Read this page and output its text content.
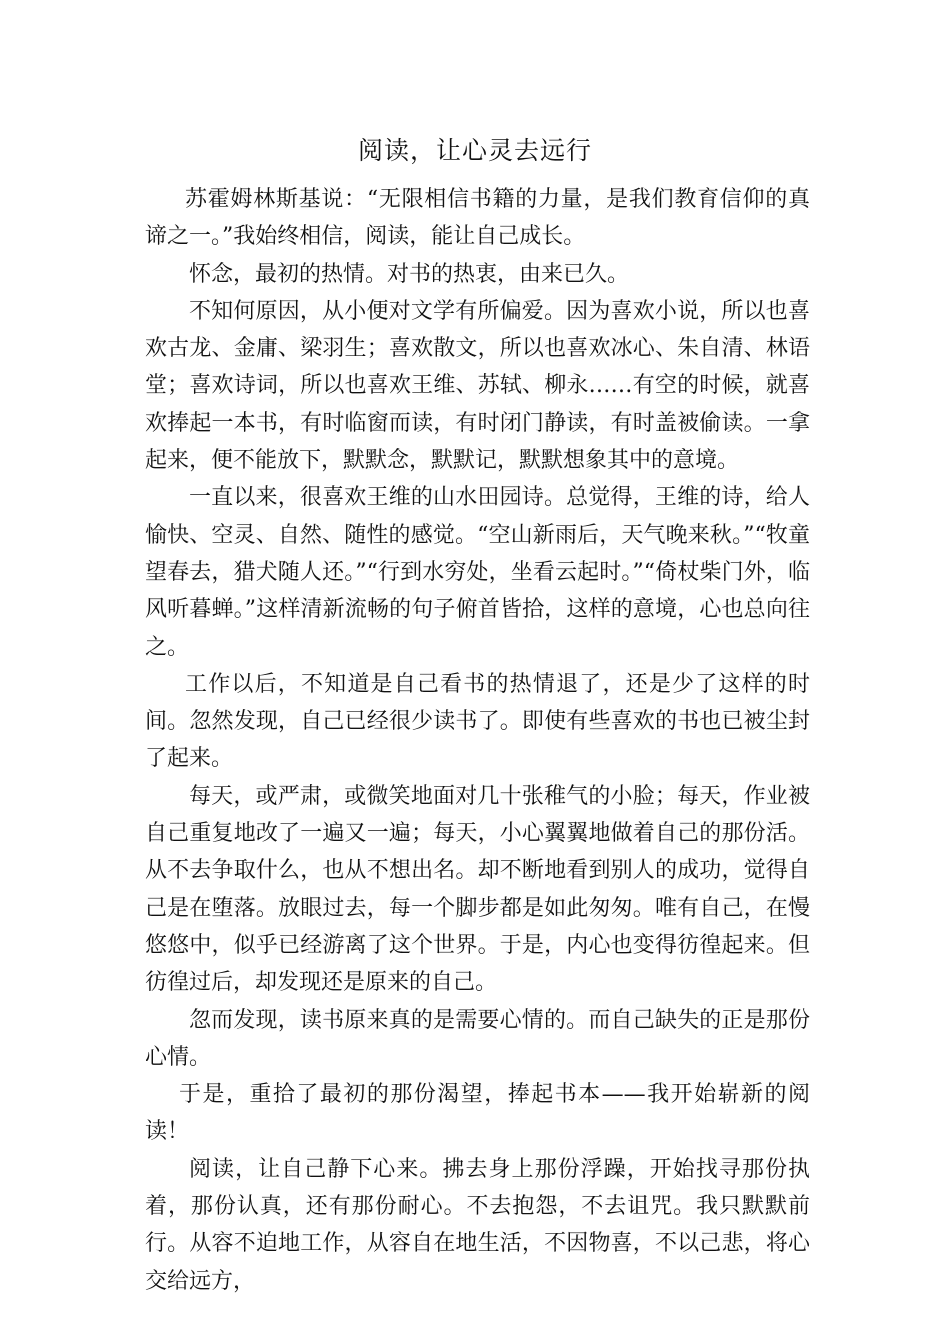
阅读，让心灵去远行

苏霍姆林斯基说：“无限相信书籍的力量，是我们教育信仰的真谛之一。”我始终相信，阅读，能让自己成长。

怀念，最初的热情。对书的热衷，由来已久。

不知何原因，从小便对文学有所偏爱。因为喜欢小说，所以也喜欢古龙、金庸、梁羽生；喜欢散文，所以也喜欢冰心、朱自清、林语堂；喜欢诗词，所以也喜欢王维、苏轼、柳永……有空的时候，就喜欢捧起一本书，有时临窗而读，有时闭门静读，有时盖被偷读。一拿起来，便不能放下，默默念，默默记，默默想象其中的意境。

一直以来，很喜欢王维的山水田园诗。总觉得，王维的诗，给人愉快、空灵、自然、随性的感觉。“空山新雨后，天气晚来秋。”“牧童望春去，猎犬随人还。”“行到水穷处，坐看云起时。”“倚杖柴门外，临风听暮蝉。”这样清新流畅的句子俯首皆拾，这样的意境，心也总向往之。

工作以后，不知道是自己看书的热情退了，还是少了这样的时间。忽然发现，自己已经很少读书了。即使有些喜欢的书也已被尘封了起来。

每天，或严肃，或微笑地面对几十张稚气的小脸；每天，作业被自己重复地改了一遍又一遍；每天，小心翼翼地做着自己的那份活。从不去争取什么，也从不想出名。却不断地看到别人的成功，觉得自己是在堕落。放眼过去，每一个脚步都是如此匆匆。唯有自己，在慢悠悠中，似乎已经游离了这个世界。于是，内心也变得彷徨起来。但彷徨过后，却发现还是原来的自己。

忽而发现，读书原来真的是需要心情的。而自己缺失的正是那份心情。

于是，重拾了最初的那份渴望，捧起书本——我开始崭新的阅读！

阅读，让自己静下心来。拂去身上那份浮躁，开始找寻那份执着，那份认真，还有那份耐心。不去抱怨，不去诅咒。我只默默前行。从容不迫地工作，从容自在地生活，不因物喜，不以己悲，将心交给远方，
